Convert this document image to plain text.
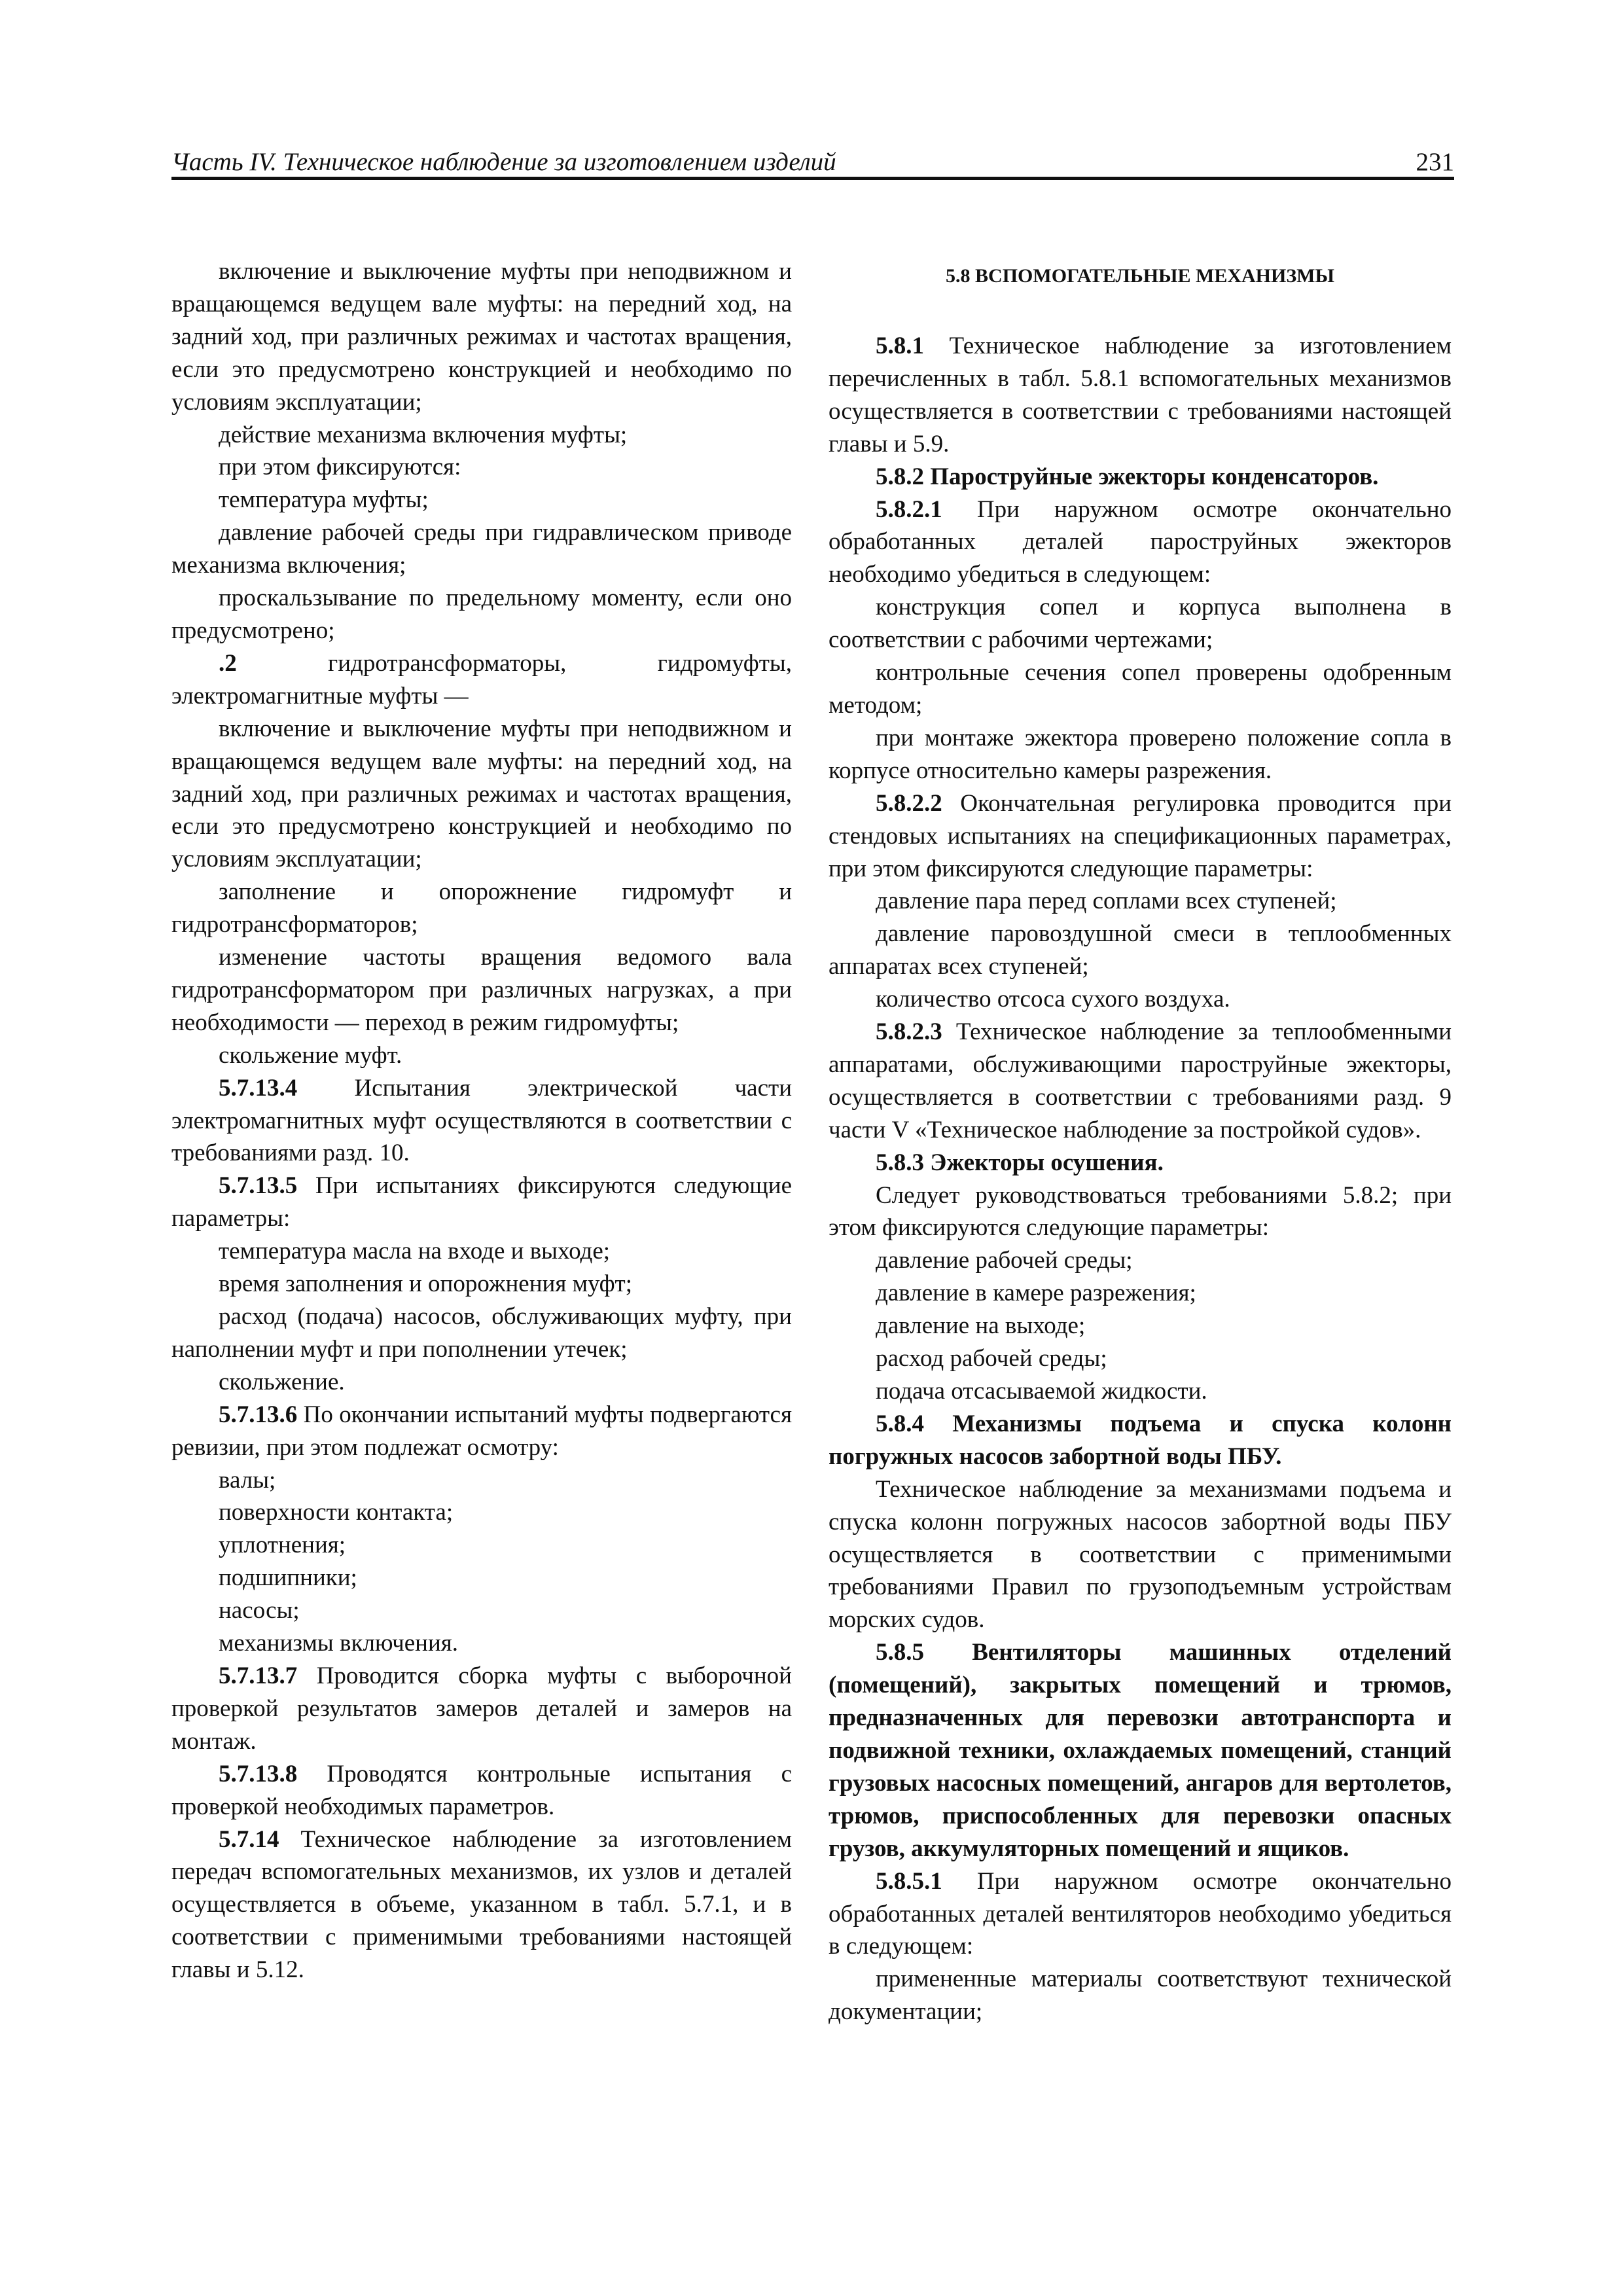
Часть IV. Техническое наблюдение за изготовлением изделий	231

включение и выключение муфты при неподвижном и вращающемся ведущем вале муфты: на передний ход, на задний ход, при различных режимах и частотах вращения, если это предусмотрено конструкцией и необходимо по условиям эксплуатации;

действие механизма включения муфты;

при этом фиксируются:

температура муфты;

давление рабочей среды при гидравлическом приводе механизма включения;

проскальзывание по предельному моменту, если оно предусмотрено;

.2 гидротрансформаторы, гидромуфты, электромагнитные муфты —

включение и выключение муфты при неподвижном и вращающемся ведущем вале муфты: на передний ход, на задний ход, при различных режимах и частотах вращения, если это предусмотрено конструкцией и необходимо по условиям эксплуатации;

заполнение и опорожнение гидромуфт и гидротрансформаторов;

изменение частоты вращения ведомого вала гидротрансформатором при различных нагрузках, а при необходимости — переход в режим гидромуфты;

скольжение муфт.

5.7.13.4 Испытания электрической части электромагнитных муфт осуществляются в соответствии с требованиями разд. 10.

5.7.13.5 При испытаниях фиксируются следующие параметры:

температура масла на входе и выходе;

время заполнения и опорожнения муфт;

расход (подача) насосов, обслуживающих муфту, при наполнении муфт и при пополнении утечек;

скольжение.

5.7.13.6 По окончании испытаний муфты подвергаются ревизии, при этом подлежат осмотру:

валы;

поверхности контакта;

уплотнения;

подшипники;

насосы;

механизмы включения.

5.7.13.7 Проводится сборка муфты с выборочной проверкой результатов замеров деталей и замеров на монтаж.

5.7.13.8 Проводятся контрольные испытания с проверкой необходимых параметров.

5.7.14 Техническое наблюдение за изготовлением передач вспомогательных механизмов, их узлов и деталей осуществляется в объеме, указанном в табл. 5.7.1, и в соответствии с применимыми требованиями настоящей главы и 5.12.

5.8 ВСПОМОГАТЕЛЬНЫЕ МЕХАНИЗМЫ

5.8.1 Техническое наблюдение за изготовлением перечисленных в табл. 5.8.1 вспомогательных механизмов осуществляется в соответствии с требованиями настоящей главы и 5.9.

5.8.2 Пароструйные эжекторы конденсаторов.

5.8.2.1 При наружном осмотре окончательно обработанных деталей пароструйных эжекторов необходимо убедиться в следующем:

конструкция сопел и корпуса выполнена в соответствии с рабочими чертежами;

контрольные сечения сопел проверены одобренным методом;

при монтаже эжектора проверено положение сопла в корпусе относительно камеры разрежения.

5.8.2.2 Окончательная регулировка проводится при стендовых испытаниях на спецификационных параметрах, при этом фиксируются следующие параметры:

давление пара перед соплами всех ступеней;

давление паровоздушной смеси в теплообменных аппаратах всех ступеней;

количество отсоса сухого воздуха.

5.8.2.3 Техническое наблюдение за теплообменными аппаратами, обслуживающими пароструйные эжекторы, осуществляется в соответствии с требованиями разд. 9 части V «Техническое наблюдение за постройкой судов».

5.8.3 Эжекторы осушения.

Следует руководствоваться требованиями 5.8.2; при этом фиксируются следующие параметры:

давление рабочей среды;

давление в камере разрежения;

давление на выходе;

расход рабочей среды;

подача отсасываемой жидкости.

5.8.4 Механизмы подъема и спуска колонн погружных насосов забортной воды ПБУ.

Техническое наблюдение за механизмами подъема и спуска колонн погружных насосов забортной воды ПБУ осуществляется в соответствии с применимыми требованиями Правил по грузоподъемным устройствам морских судов.

5.8.5 Вентиляторы машинных отделений (помещений), закрытых помещений и трюмов, предназначенных для перевозки автотранспорта и подвижной техники, охлаждаемых помещений, станций грузовых насосных помещений, ангаров для вертолетов, трюмов, приспособленных для перевозки опасных грузов, аккумуляторных помещений и ящиков.

5.8.5.1 При наружном осмотре окончательно обработанных деталей вентиляторов необходимо убедиться в следующем:

примененные материалы соответствуют технической документации;
